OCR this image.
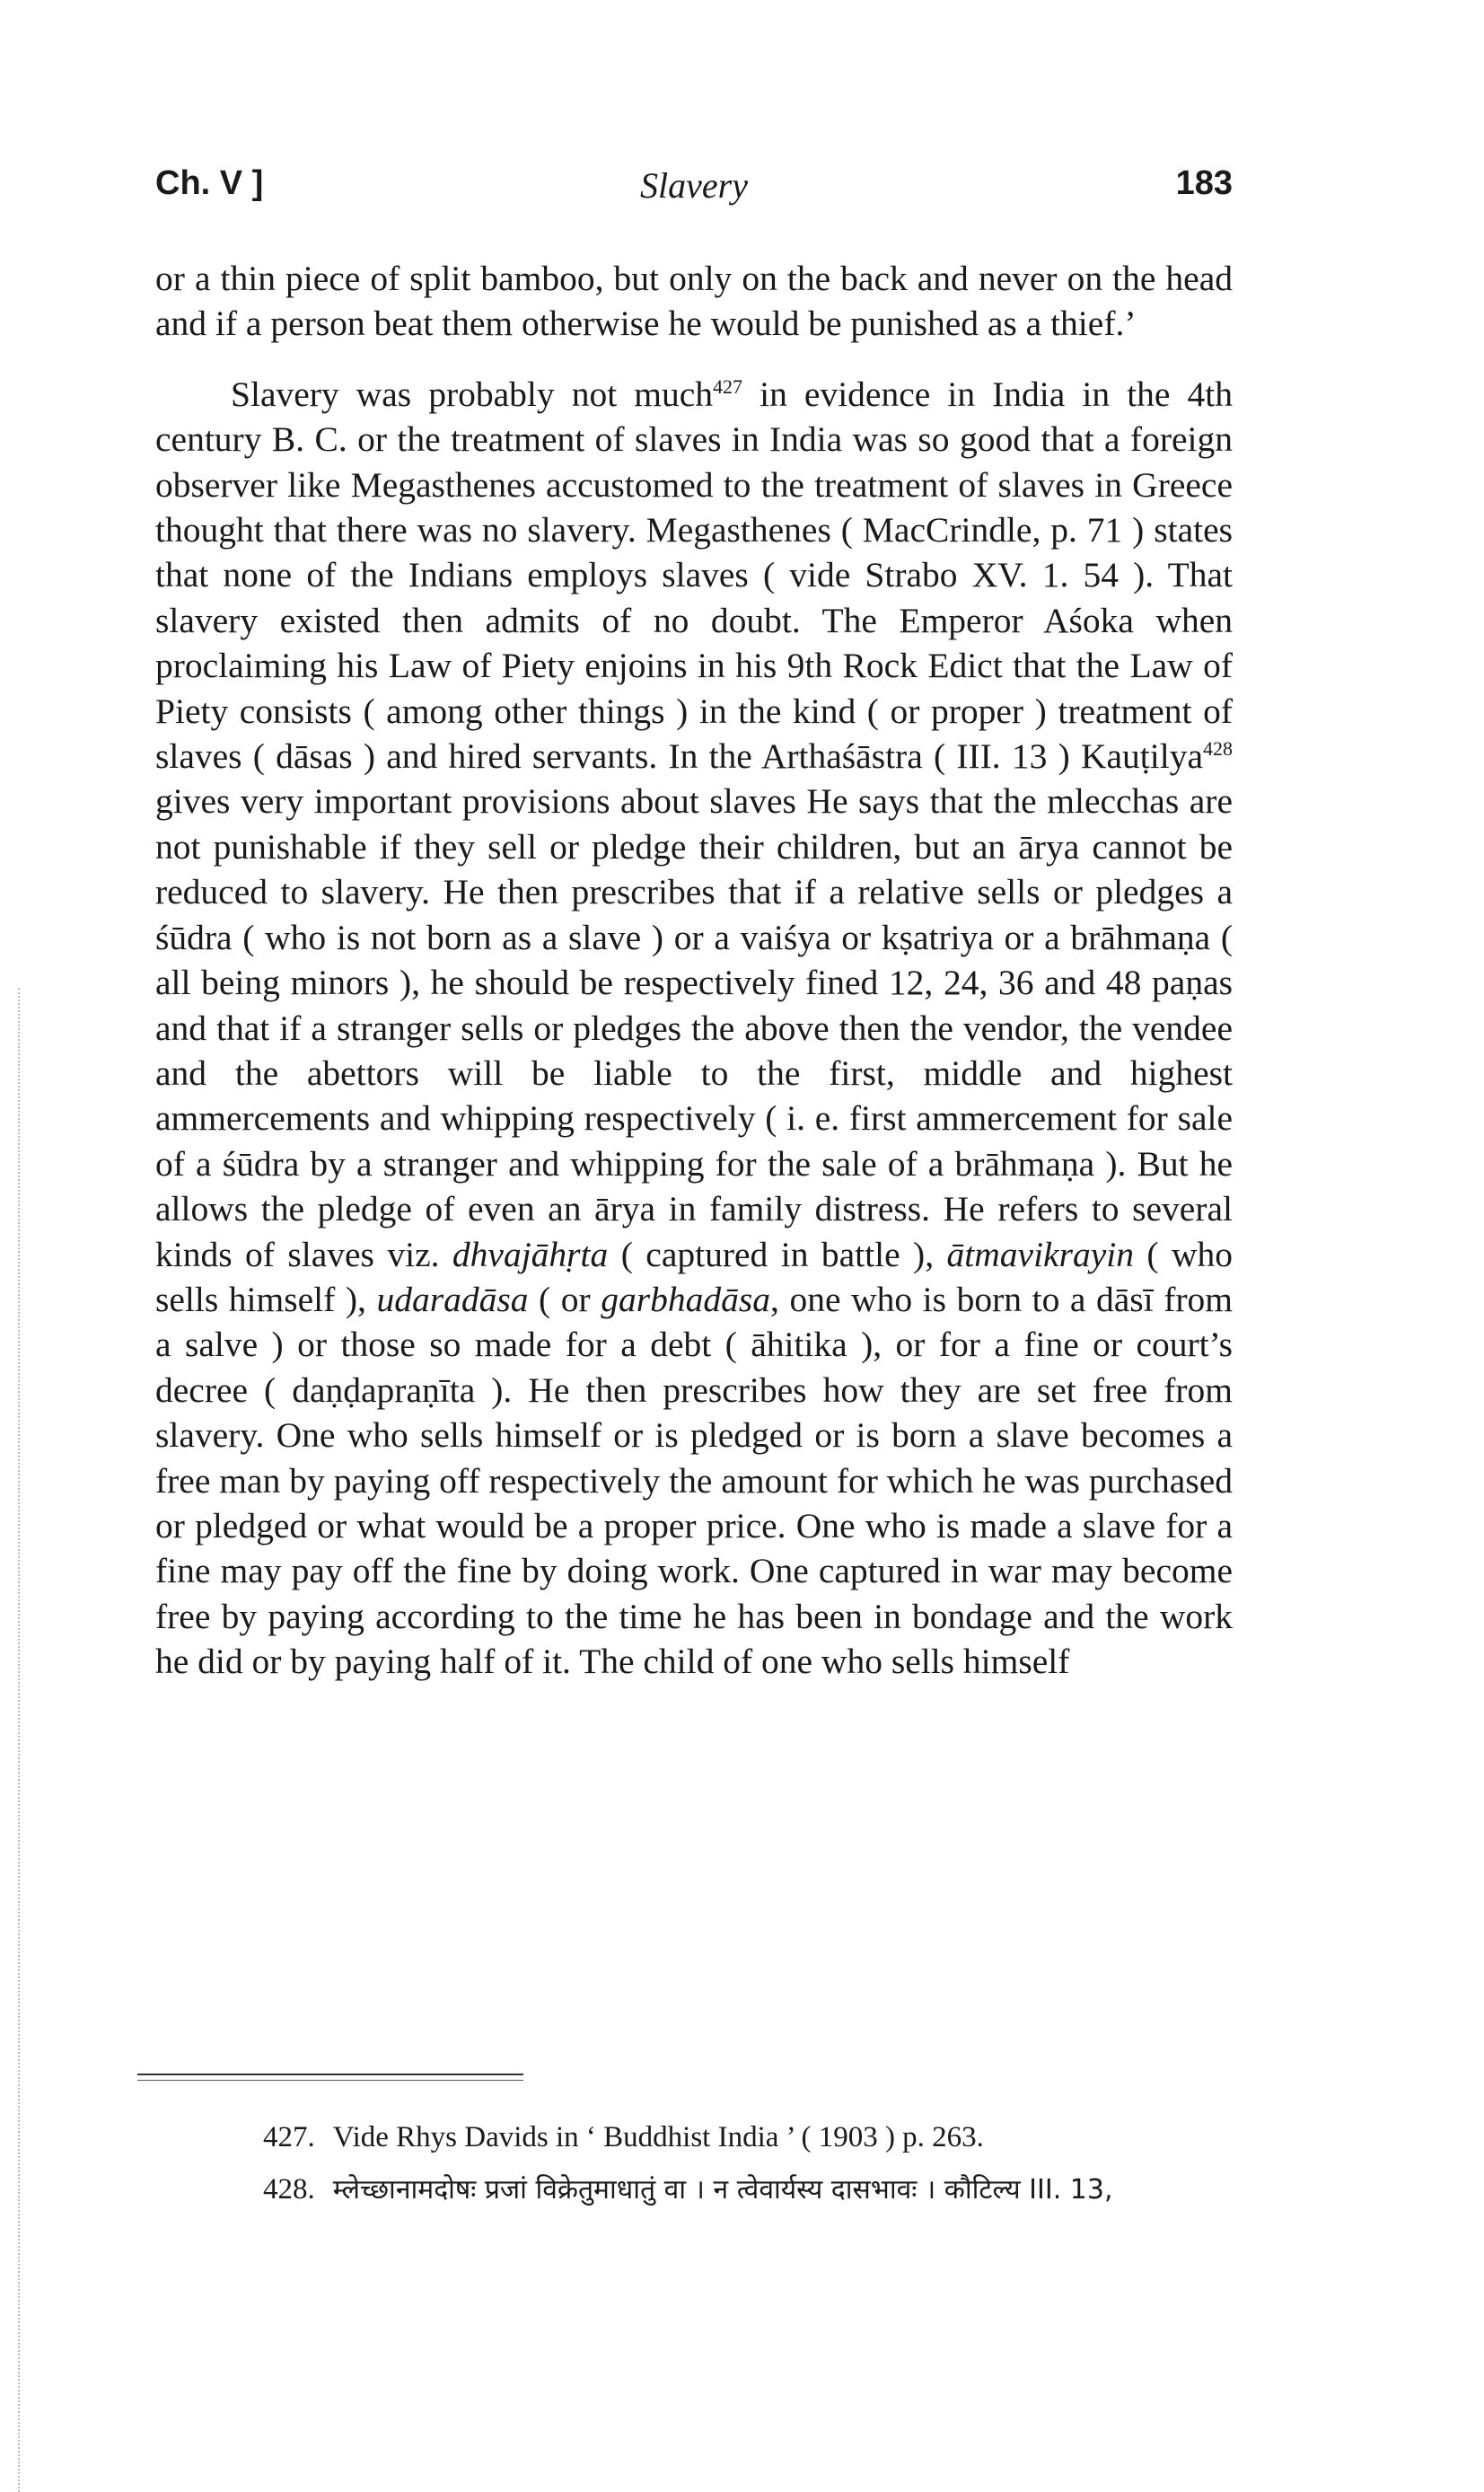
Ch. V ]	Slavery	183

or a thin piece of split bamboo, but only on the back and never on the head and if a person beat them otherwise he would be punished as a thief.’

Slavery was probably not much$^{427}$ in evidence in India in the 4th century B. C. or the treatment of slaves in India was so good that a foreign observer like Megasthenes accustomed to the treatment of slaves in Greece thought that there was no slavery. Megasthenes ( MacCrindle, p. 71 ) states that none of the Indians employs slaves ( vide Strabo XV. 1. 54 ). That slavery existed then admits of no doubt. The Emperor Aśoka when proclaiming his Law of Piety enjoins in his 9th Rock Edict that the Law of Piety consists ( among other things ) in the kind ( or proper ) treatment of slaves ( dāsas ) and hired servants. In the Arthaśāstra ( III. 13 ) Kauṭilya$^{428}$ gives very important provisions about slaves He says that the mlecchas are not punishable if they sell or pledge their children, but an ārya cannot be reduced to slavery. He then prescribes that if a relative sells or pledges a śūdra ( who is not born as a slave ) or a vaiśya or kṣatriya or a brāhmaṇa ( all being minors ), he should be respectively fined 12, 24, 36 and 48 paṇas and that if a stranger sells or pledges the above then the vendor, the vendee and the abettors will be liable to the first, middle and highest ammercements and whipping respectively ( i. e. first ammercement for sale of a śūdra by a stranger and whipping for the sale of a brāhmaṇa ). But he allows the pledge of even an ārya in family distress. He refers to several kinds of slaves viz. dhvajāhṛta ( captured in battle ), ātmavikrayin ( who sells himself ), udaradāsa ( or garbhadāsa, one who is born to a dāsī from a salve ) or those so made for a debt ( āhitika ), or for a fine or court’s decree ( daṇḍapraṇīta ). He then prescribes how they are set free from slavery. One who sells himself or is pledged or is born a slave becomes a free man by paying off respectively the amount for which he was purchased or pledged or what would be a proper price. One who is made a slave for a fine may pay off the fine by doing work. One captured in war may become free by paying according to the time he has been in bondage and the work he did or by paying half of it. The child of one who sells himself

427. Vide Rhys Davids in ‘ Buddhist India ’ ( 1903 ) p. 263.

428. म्लेच्छानामदोषः प्रजां विक्रेतुमाधातुं वा । न त्वेवार्यस्य दासभावः । कौटिल्य III. 13,
